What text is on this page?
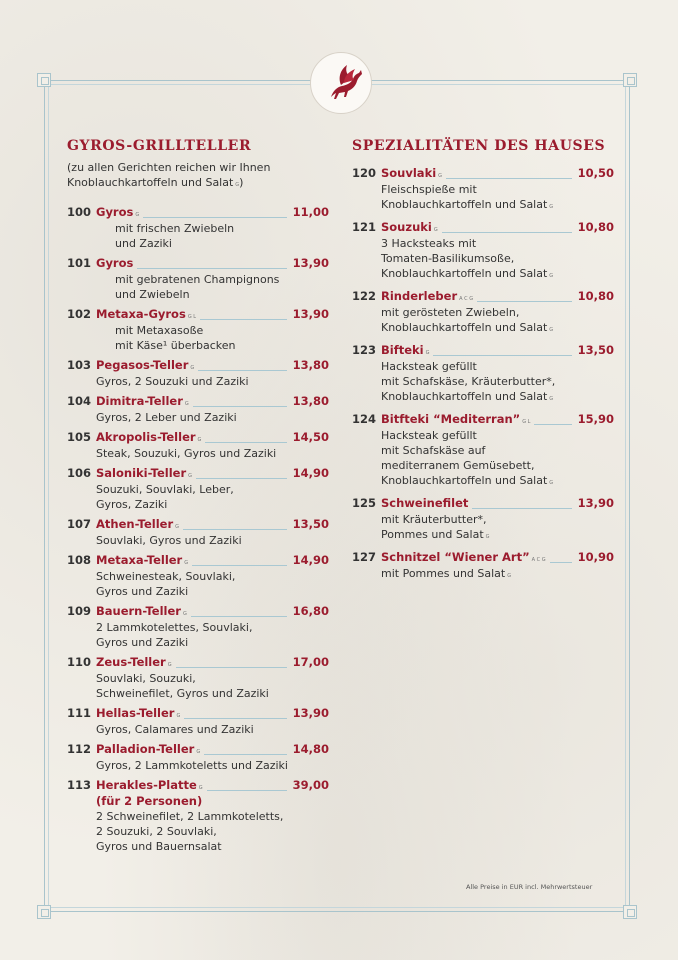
GYROS-GRILLTELLER
(zu allen Gerichten reichen wir Ihnen
Knoblauchkartoffeln und Salat G)
100 Gyros G	11,00
mit frischen Zwiebeln
und Zaziki
101 Gyros	13,90
mit gebratenen Champignons
und Zwiebeln
102 Metaxa-Gyros G L	13,90
mit Metaxasoße
mit Käse¹ überbacken
103 Pegasos-Teller G	13,80
Gyros, 2 Souzuki und Zaziki
104 Dimitra-Teller G	13,80
Gyros, 2 Leber und Zaziki
105 Akropolis-Teller G	14,50
Steak, Souzuki, Gyros und Zaziki
106 Saloniki-Teller G	14,90
Souzuki, Souvlaki, Leber,
Gyros, Zaziki
107 Athen-Teller G	13,50
Souvlaki, Gyros und Zaziki
108 Metaxa-Teller G	14,90
Schweinesteak, Souvlaki,
Gyros und Zaziki
109 Bauern-Teller G	16,80
2 Lammkotelettes, Souvlaki,
Gyros und Zaziki
110 Zeus-Teller G	17,00
Souvlaki, Souzuki,
Schweinefilet, Gyros und Zaziki
111 Hellas-Teller G	13,90
Gyros, Calamares und Zaziki
112 Palladion-Teller G	14,80
Gyros, 2 Lammkoteletts und Zaziki
113 Herakles-Platte G	39,00
(für 2 Personen)
2 Schweinefilet, 2 Lammkoteletts,
2 Souzuki, 2 Souvlaki,
Gyros und Bauernsalat
SPEZIALITÄTEN DES HAUSES
120 Souvlaki G	10,50
Fleischspieße mit
Knoblauchkartoffeln und Salat G
121 Souzuki G	10,80
3 Hacksteaks mit
Tomaten-Basilikumsoße,
Knoblauchkartoffeln und Salat G
122 Rinderleber A C G	10,80
mit gerösteten Zwiebeln,
Knoblauchkartoffeln und Salat G
123 Bifteki G	13,50
Hacksteak gefüllt
mit Schafskäse, Kräuterbutter*,
Knoblauchkartoffeln und Salat G
124 Bitfteki “Mediterran” G L	15,90
Hacksteak gefüllt
mit Schafskäse auf
mediterranem Gemüsebett,
Knoblauchkartoffeln und Salat G
125 Schweinefilet	13,90
mit Kräuterbutter*,
Pommes und Salat G
127 Schnitzel “Wiener Art” A C G	10,90
mit Pommes und Salat G
Alle Preise in EUR incl. Mehrwertsteuer
